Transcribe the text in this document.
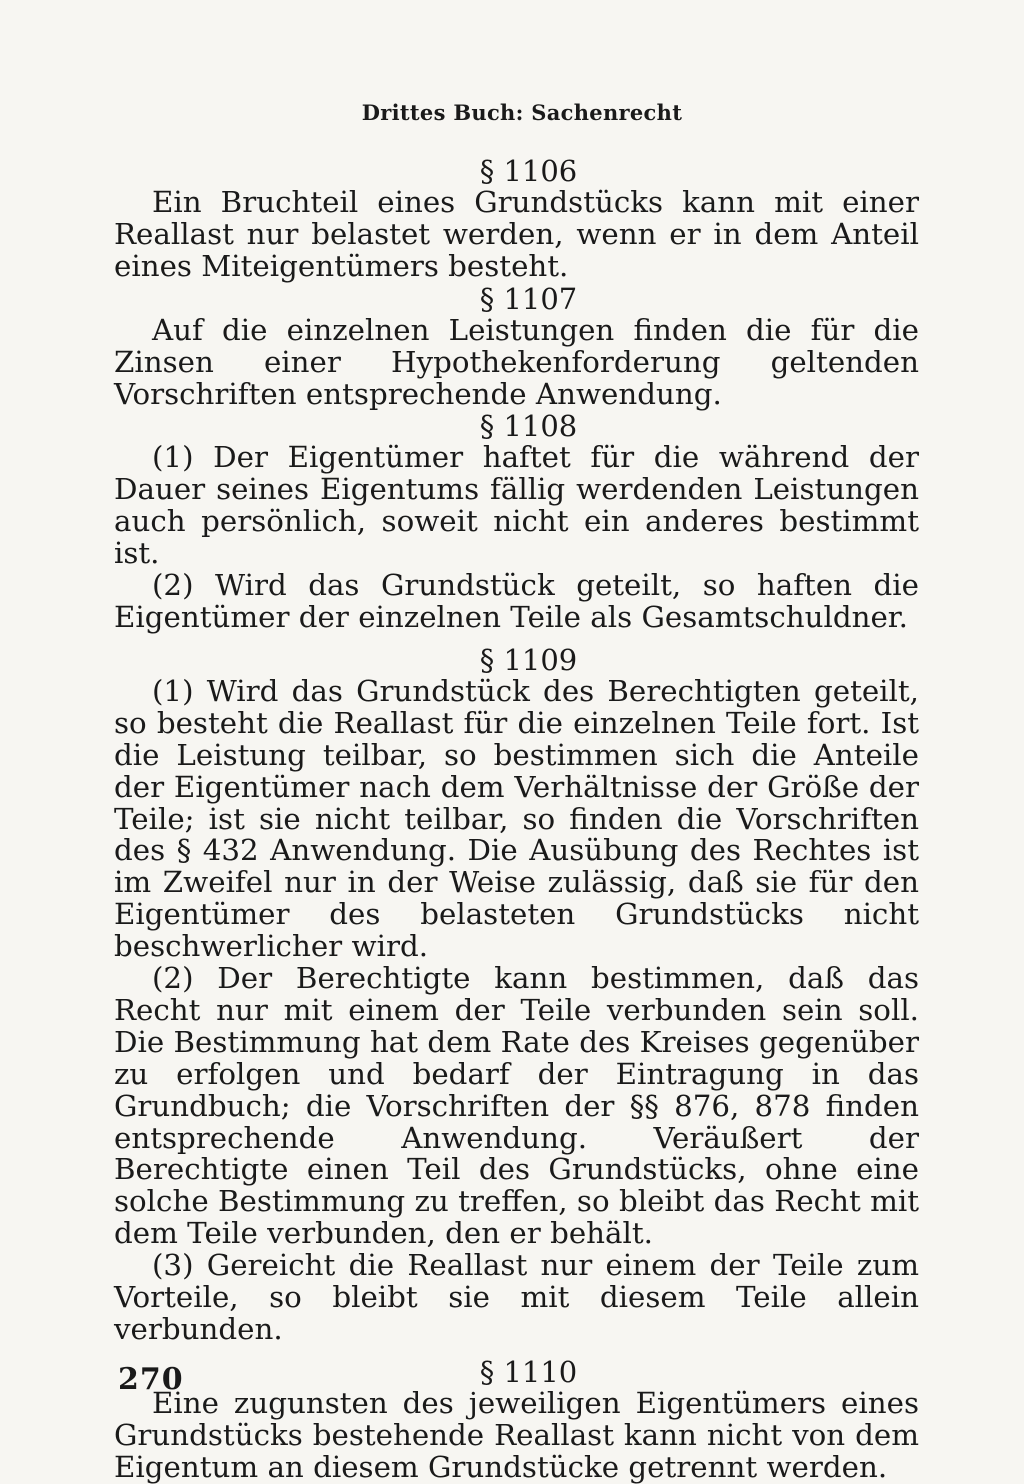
Drittes Buch: Sachenrecht
§ 1106

Ein Bruchteil eines Grundstücks kann mit einer Reallast nur belastet werden, wenn er in dem Anteil eines Miteigentümers besteht.

§ 1107

Auf die einzelnen Leistungen finden die für die Zinsen einer Hypothekenforderung geltenden Vorschriften entsprechende Anwendung.

§ 1108

(1) Der Eigentümer haftet für die während der Dauer seines Eigentums fällig werdenden Leistungen auch persönlich, soweit nicht ein anderes bestimmt ist.

(2) Wird das Grundstück geteilt, so haften die Eigentümer der einzelnen Teile als Gesamtschuldner.

§ 1109

(1) Wird das Grundstück des Berechtigten geteilt, so besteht die Reallast für die einzelnen Teile fort. Ist die Leistung teilbar, so bestimmen sich die Anteile der Eigentümer nach dem Verhältnisse der Größe der Teile; ist sie nicht teilbar, so finden die Vorschriften des § 432 Anwendung. Die Ausübung des Rechtes ist im Zweifel nur in der Weise zulässig, daß sie für den Eigentümer des belasteten Grundstücks nicht beschwerlicher wird.

(2) Der Berechtigte kann bestimmen, daß das Recht nur mit einem der Teile verbunden sein soll. Die Bestimmung hat dem Rate des Kreises gegenüber zu erfolgen und bedarf der Eintragung in das Grundbuch; die Vorschriften der §§ 876, 878 finden entsprechende Anwendung. Veräußert der Berechtigte einen Teil des Grundstücks, ohne eine solche Bestimmung zu treffen, so bleibt das Recht mit dem Teile verbunden, den er behält.

(3) Gereicht die Reallast nur einem der Teile zum Vorteile, so bleibt sie mit diesem Teile allein verbunden.

§ 1110

Eine zugunsten des jeweiligen Eigentümers eines Grundstücks bestehende Reallast kann nicht von dem Eigentum an diesem Grundstücke getrennt werden.

270
